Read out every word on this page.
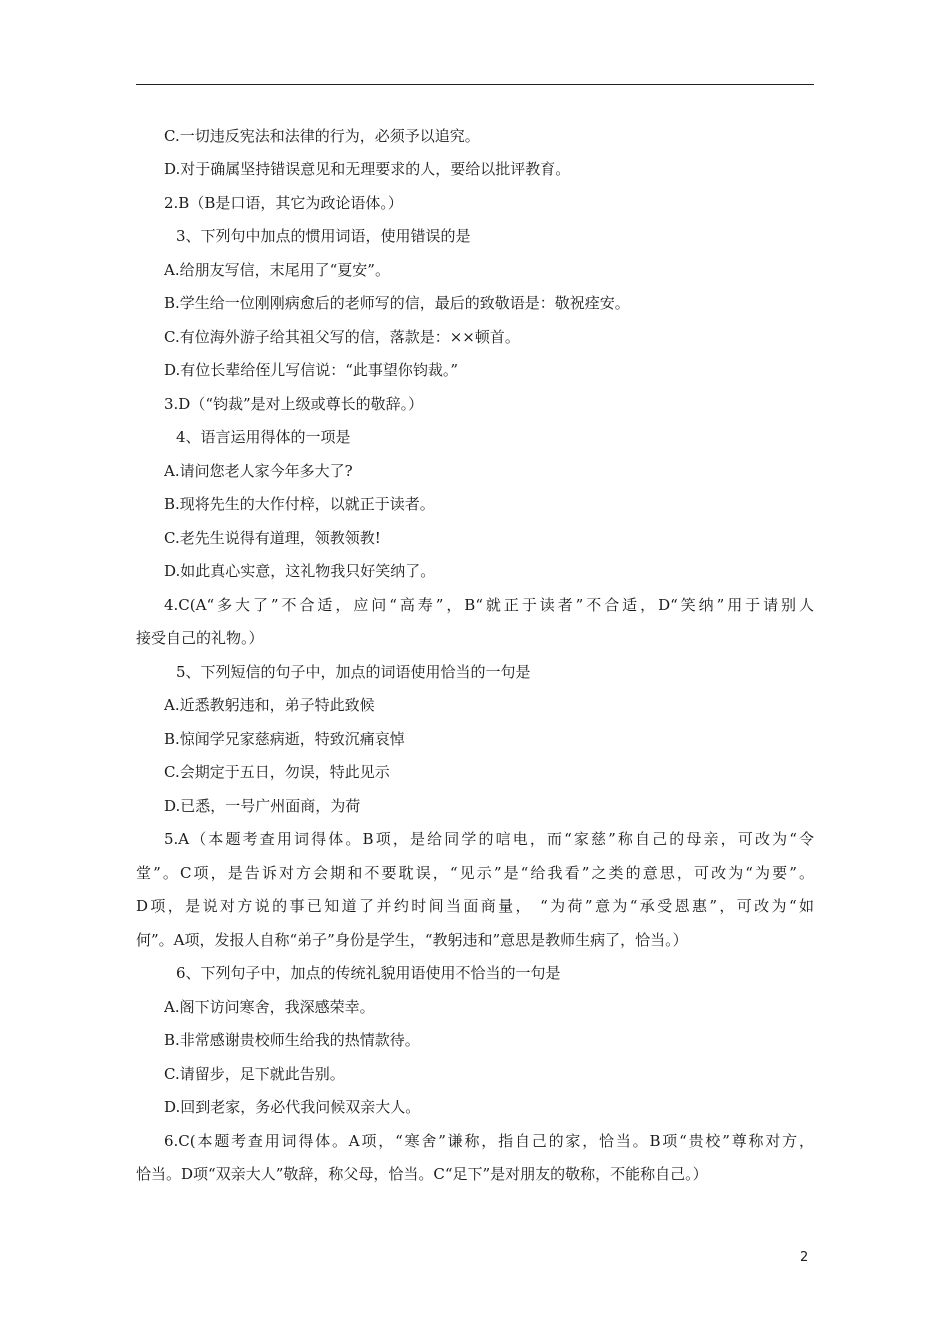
C.一切违反宪法和法律的行为，必须予以追究。
D.对于确属坚持错误意见和无理要求的人，要给以批评教育。
2.B（B是口语，其它为政论语体。）
3、下列句中加点的惯用词语，使用错误的是
A.给朋友写信，末尾用了“夏安”。
B.学生给一位刚刚病愈后的老师写的信，最后的致敬语是：敬祝痊安。
C.有位海外游子给其祖父写的信，落款是：××顿首。
D.有位长辈给侄儿写信说：“此事望你钧裁。”
3.D（“钧裁”是对上级或尊长的敬辞。）
4、语言运用得体的一项是
A.请问您老人家今年多大了?
B.现将先生的大作付梓，以就正于读者。
C.老先生说得有道理，领教领教!
D.如此真心实意，这礼物我只好笑纳了。
4.C(A“多大了”不合适，应问“高寿”，B“就正于读者”不合适，D“笑纳”用于请别人
接受自己的礼物。）
5、下列短信的句子中，加点的词语使用恰当的一句是
A.近悉教躬违和，弟子特此致候
B.惊闻学兄家慈病逝，特致沉痛哀悼
C.会期定于五日，勿误，特此见示
D.已悉，一号广州面商，为荷
5.A（本题考查用词得体。B项，是给同学的唁电，而“家慈”称自己的母亲，可改为“令
堂”。C项，是告诉对方会期和不要耽误，“见示”是“给我看”之类的意思，可改为“为要”。
D项，是说对方说的事已知道了并约时间当面商量， “为荷”意为“承受恩惠”，可改为“如
何”。A项，发报人自称“弟子”身份是学生，“教躬违和”意思是教师生病了，恰当。）
6、下列句子中，加点的传统礼貌用语使用不恰当的一句是
A.阁下访问寒舍，我深感荣幸。
B.非常感谢贵校师生给我的热情款待。
C.请留步，足下就此告别。
D.回到老家，务必代我问候双亲大人。
6.C(本题考查用词得体。A项，“寒舍”谦称，指自己的家，恰当。B项“贵校”尊称对方，
恰当。D项“双亲大人”敬辞，称父母，恰当。C“足下”是对朋友的敬称，不能称自己。）
2
